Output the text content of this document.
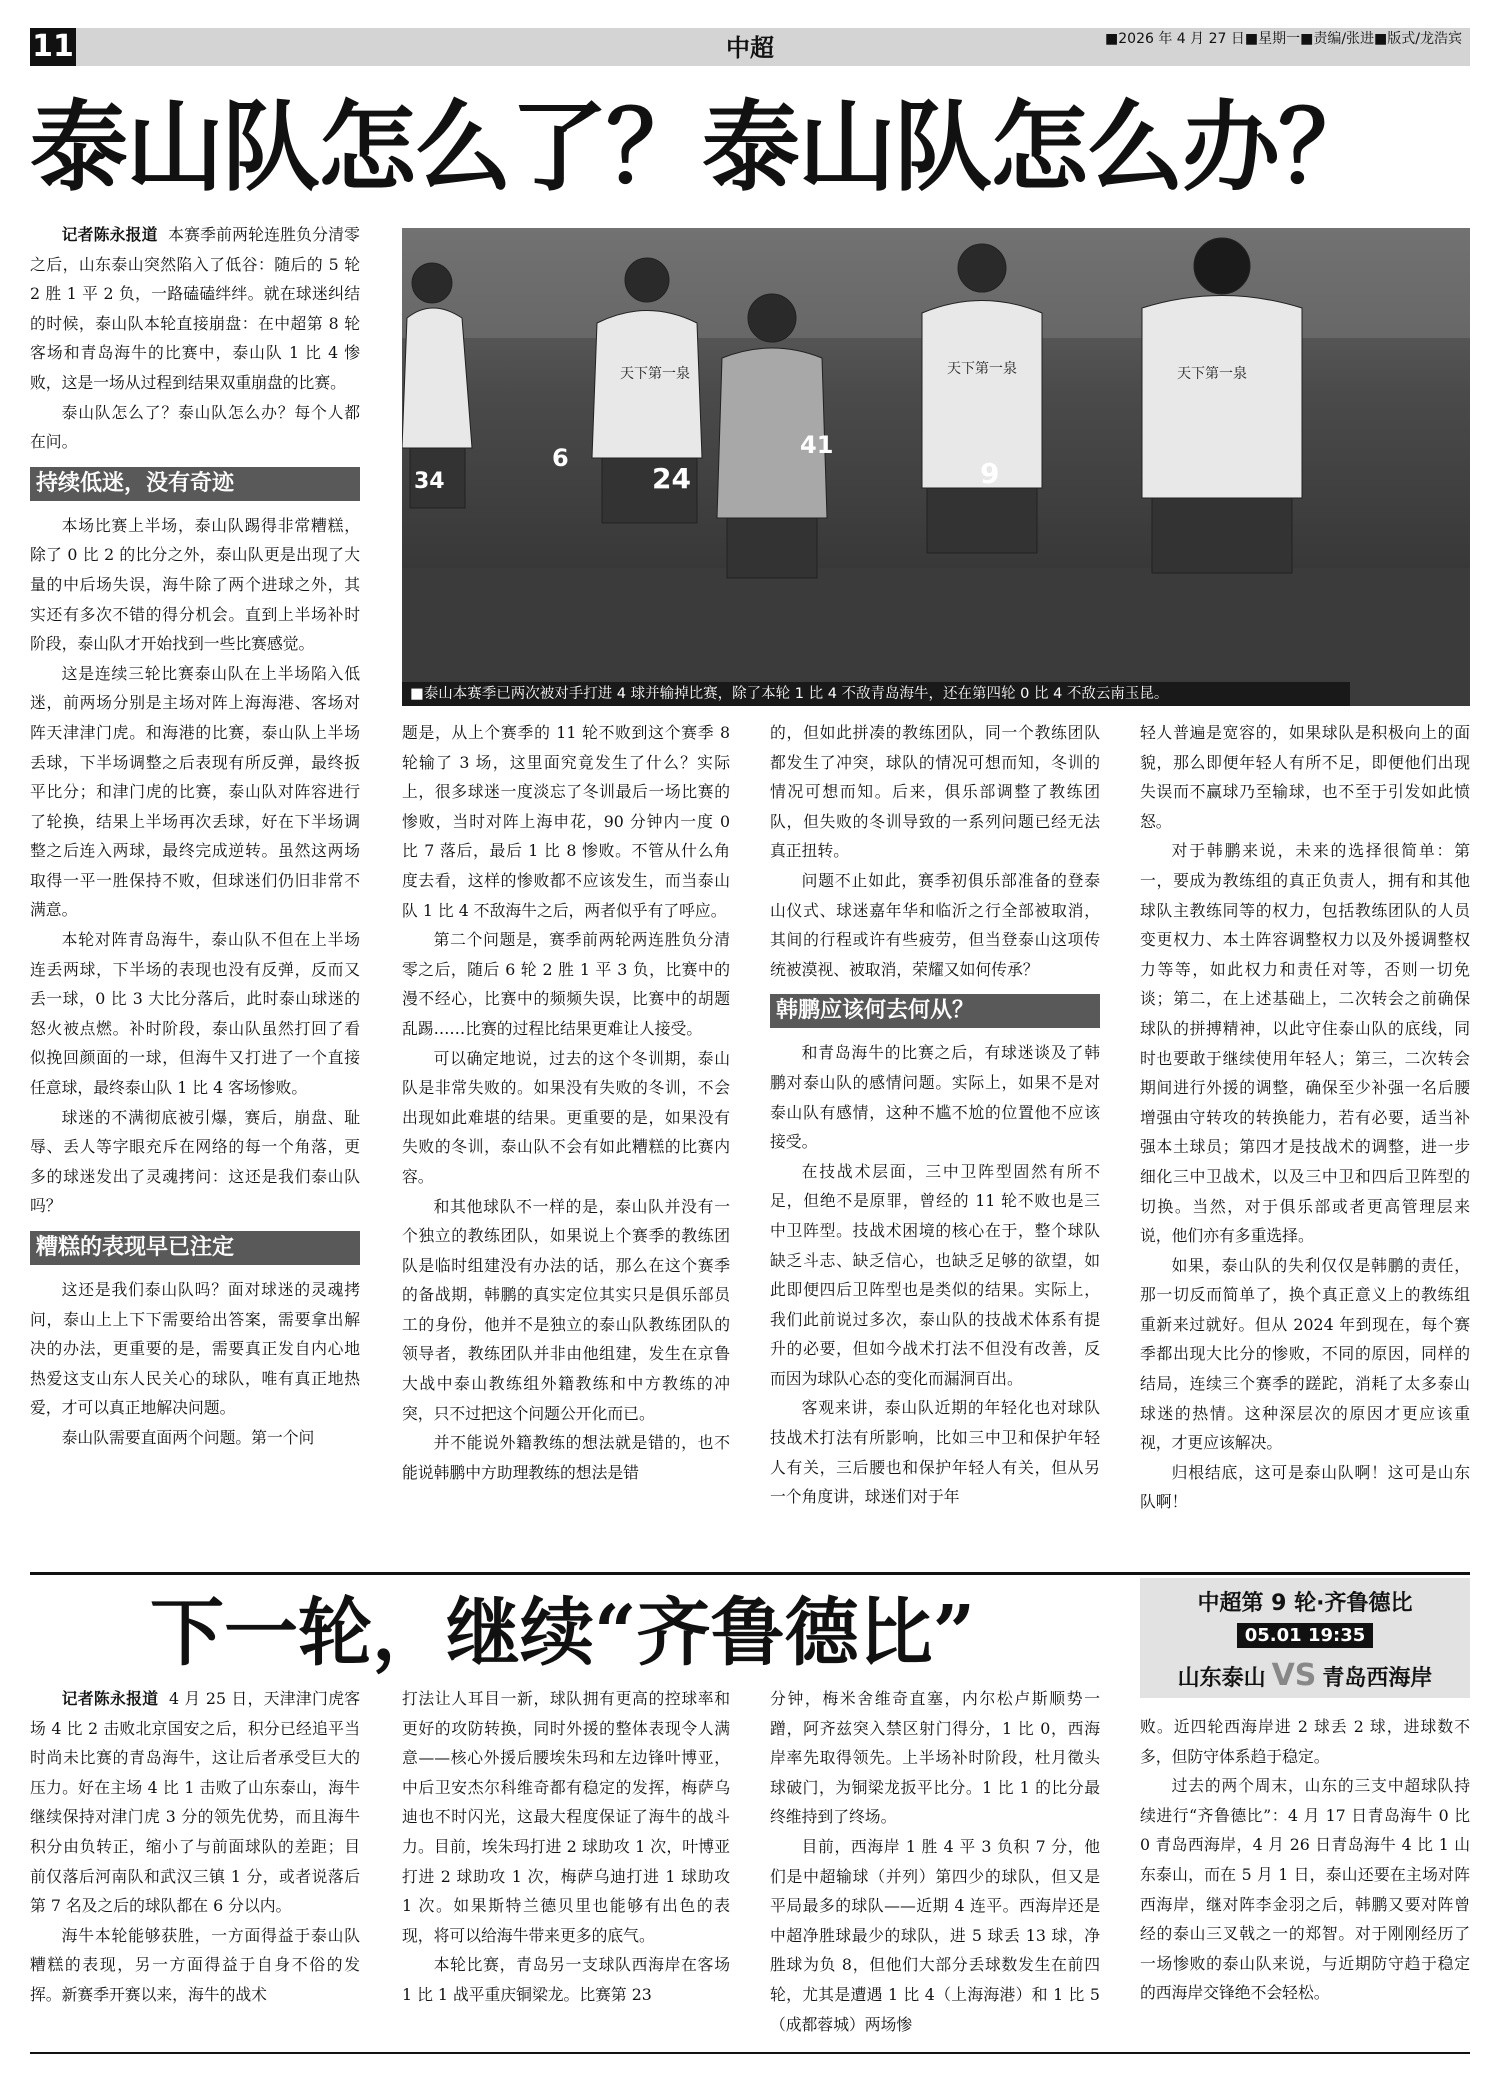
11	中超	■2026 年 4 月 27 日■星期一■责编/张进■版式/龙浩宾
泰山队怎么了？泰山队怎么办？
34
6
24
41
9
天下第一泉	天下第一泉	天下第一泉
■泰山本赛季已两次被对手打进 4 球并输掉比赛，除了本轮 1 比 4 不敌青岛海牛，还在第四轮 0 比 4 不敌云南玉昆。

记者陈永报道 本赛季前两轮连胜负分清零之后，山东泰山突然陷入了低谷：随后的 5 轮 2 胜 1 平 2 负，一路磕磕绊绊。就在球迷纠结的时候，泰山队本轮直接崩盘：在中超第 8 轮客场和青岛海牛的比赛中，泰山队 1 比 4 惨败，这是一场从过程到结果双重崩盘的比赛。

泰山队怎么了？泰山队怎么办？每个人都在问。

持续低迷，没有奇迹

本场比赛上半场，泰山队踢得非常糟糕，除了 0 比 2 的比分之外，泰山队更是出现了大量的中后场失误，海牛除了两个进球之外，其实还有多次不错的得分机会。直到上半场补时阶段，泰山队才开始找到一些比赛感觉。

这是连续三轮比赛泰山队在上半场陷入低迷，前两场分别是主场对阵上海海港、客场对阵天津津门虎。和海港的比赛，泰山队上半场丢球，下半场调整之后表现有所反弹，最终扳平比分；和津门虎的比赛，泰山队对阵容进行了轮换，结果上半场再次丢球，好在下半场调整之后连入两球，最终完成逆转。虽然这两场取得一平一胜保持不败，但球迷们仍旧非常不满意。

本轮对阵青岛海牛，泰山队不但在上半场连丢两球，下半场的表现也没有反弹，反而又丢一球，0 比 3 大比分落后，此时泰山球迷的怒火被点燃。补时阶段，泰山队虽然打回了看似挽回颜面的一球，但海牛又打进了一个直接任意球，最终泰山队 1 比 4 客场惨败。

球迷的不满彻底被引爆，赛后，崩盘、耻辱、丢人等字眼充斥在网络的每一个角落，更多的球迷发出了灵魂拷问：这还是我们泰山队吗？

糟糕的表现早已注定

这还是我们泰山队吗？面对球迷的灵魂拷问，泰山上上下下需要给出答案，需要拿出解决的办法，更重要的是，需要真正发自内心地热爱这支山东人民关心的球队，唯有真正地热爱，才可以真正地解决问题。

泰山队需要直面两个问题。第一个问

题是，从上个赛季的 11 轮不败到这个赛季 8 轮输了 3 场，这里面究竟发生了什么？实际上，很多球迷一度淡忘了冬训最后一场比赛的惨败，当时对阵上海申花，90 分钟内一度 0 比 7 落后，最后 1 比 8 惨败。不管从什么角度去看，这样的惨败都不应该发生，而当泰山队 1 比 4 不敌海牛之后，两者似乎有了呼应。

第二个问题是，赛季前两轮两连胜负分清零之后，随后 6 轮 2 胜 1 平 3 负，比赛中的漫不经心，比赛中的频频失误，比赛中的胡题乱踢……比赛的过程比结果更难让人接受。

可以确定地说，过去的这个冬训期，泰山队是非常失败的。如果没有失败的冬训，不会出现如此难堪的结果。更重要的是，如果没有失败的冬训，泰山队不会有如此糟糕的比赛内容。

和其他球队不一样的是，泰山队并没有一个独立的教练团队，如果说上个赛季的教练团队是临时组建没有办法的话，那么在这个赛季的备战期，韩鹏的真实定位其实只是俱乐部员工的身份，他并不是独立的泰山队教练团队的领导者，教练团队并非由他组建，发生在京鲁大战中泰山教练组外籍教练和中方教练的冲突，只不过把这个问题公开化而已。

并不能说外籍教练的想法就是错的，也不能说韩鹏中方助理教练的想法是错

的，但如此拼凑的教练团队，同一个教练团队都发生了冲突，球队的情况可想而知，冬训的情况可想而知。后来，俱乐部调整了教练团队，但失败的冬训导致的一系列问题已经无法真正扭转。

问题不止如此，赛季初俱乐部准备的登泰山仪式、球迷嘉年华和临沂之行全部被取消，其间的行程或许有些疲劳，但当登泰山这项传统被漠视、被取消，荣耀又如何传承？

韩鹏应该何去何从？

和青岛海牛的比赛之后，有球迷谈及了韩鹏对泰山队的感情问题。实际上，如果不是对泰山队有感情，这种不尴不尬的位置他不应该接受。

在技战术层面，三中卫阵型固然有所不足，但绝不是原罪，曾经的 11 轮不败也是三中卫阵型。技战术困境的核心在于，整个球队缺乏斗志、缺乏信心，也缺乏足够的欲望，如此即便四后卫阵型也是类似的结果。实际上，我们此前说过多次，泰山队的技战术体系有提升的必要，但如今战术打法不但没有改善，反而因为球队心态的变化而漏洞百出。

客观来讲，泰山队近期的年轻化也对球队技战术打法有所影响，比如三中卫和保护年轻人有关，三后腰也和保护年轻人有关，但从另一个角度讲，球迷们对于年

轻人普遍是宽容的，如果球队是积极向上的面貌，那么即便年轻人有所不足，即便他们出现失误而不赢球乃至输球，也不至于引发如此愤怒。

对于韩鹏来说，未来的选择很简单：第一，要成为教练组的真正负责人，拥有和其他球队主教练同等的权力，包括教练团队的人员变更权力、本土阵容调整权力以及外援调整权力等等，如此权力和责任对等，否则一切免谈；第二，在上述基础上，二次转会之前确保球队的拼搏精神，以此守住泰山队的底线，同时也要敢于继续使用年轻人；第三，二次转会期间进行外援的调整，确保至少补强一名后腰增强由守转攻的转换能力，若有必要，适当补强本土球员；第四才是技战术的调整，进一步细化三中卫战术，以及三中卫和四后卫阵型的切换。当然，对于俱乐部或者更高管理层来说，他们亦有多重选择。

如果，泰山队的失利仅仅是韩鹏的责任，那一切反而简单了，换个真正意义上的教练组重新来过就好。但从 2024 年到现在，每个赛季都出现大比分的惨败，不同的原因，同样的结局，连续三个赛季的蹉跎，消耗了太多泰山球迷的热情。这种深层次的原因才更应该重视，才更应该解决。

归根结底，这可是泰山队啊！这可是山东队啊！

下一轮，继续“齐鲁德比”	中超第 9 轮·齐鲁德比
05.01 19:35
山东泰山 VS 青岛西海岸

记者陈永报道 4 月 25 日，天津津门虎客场 4 比 2 击败北京国安之后，积分已经追平当时尚未比赛的青岛海牛，这让后者承受巨大的压力。好在主场 4 比 1 击败了山东泰山，海牛继续保持对津门虎 3 分的领先优势，而且海牛积分由负转正，缩小了与前面球队的差距；目前仅落后河南队和武汉三镇 1 分，或者说落后第 7 名及之后的球队都在 6 分以内。

海牛本轮能够获胜，一方面得益于泰山队糟糕的表现，另一方面得益于自身不俗的发挥。新赛季开赛以来，海牛的战术

打法让人耳目一新，球队拥有更高的控球率和更好的攻防转换，同时外援的整体表现令人满意——核心外援后腰埃朱玛和左边锋叶博亚，中后卫安杰尔科维奇都有稳定的发挥，梅萨乌迪也不时闪光，这最大程度保证了海牛的战斗力。目前，埃朱玛打进 2 球助攻 1 次，叶博亚打进 2 球助攻 1 次，梅萨乌迪打进 1 球助攻 1 次。如果斯特兰德贝里也能够有出色的表现，将可以给海牛带来更多的底气。

本轮比赛，青岛另一支球队西海岸在客场 1 比 1 战平重庆铜梁龙。比赛第 23

分钟，梅米舍维奇直塞，内尔松卢斯顺势一蹭，阿齐兹突入禁区射门得分，1 比 0，西海岸率先取得领先。上半场补时阶段，杜月徵头球破门，为铜梁龙扳平比分。1 比 1 的比分最终维持到了终场。

目前，西海岸 1 胜 4 平 3 负积 7 分，他们是中超输球（并列）第四少的球队，但又是平局最多的球队——近期 4 连平。西海岸还是中超净胜球最少的球队，进 5 球丢 13 球，净胜球为负 8，但他们大部分丢球数发生在前四轮，尤其是遭遇 1 比 4（上海海港）和 1 比 5（成都蓉城）两场惨

败。近四轮西海岸进 2 球丢 2 球，进球数不多，但防守体系趋于稳定。

过去的两个周末，山东的三支中超球队持续进行“齐鲁德比”：4 月 17 日青岛海牛 0 比 0 青岛西海岸，4 月 26 日青岛海牛 4 比 1 山东泰山，而在 5 月 1 日，泰山还要在主场对阵西海岸，继对阵李金羽之后，韩鹏又要对阵曾经的泰山三叉戟之一的郑智。对于刚刚经历了一场惨败的泰山队来说，与近期防守趋于稳定的西海岸交锋绝不会轻松。
